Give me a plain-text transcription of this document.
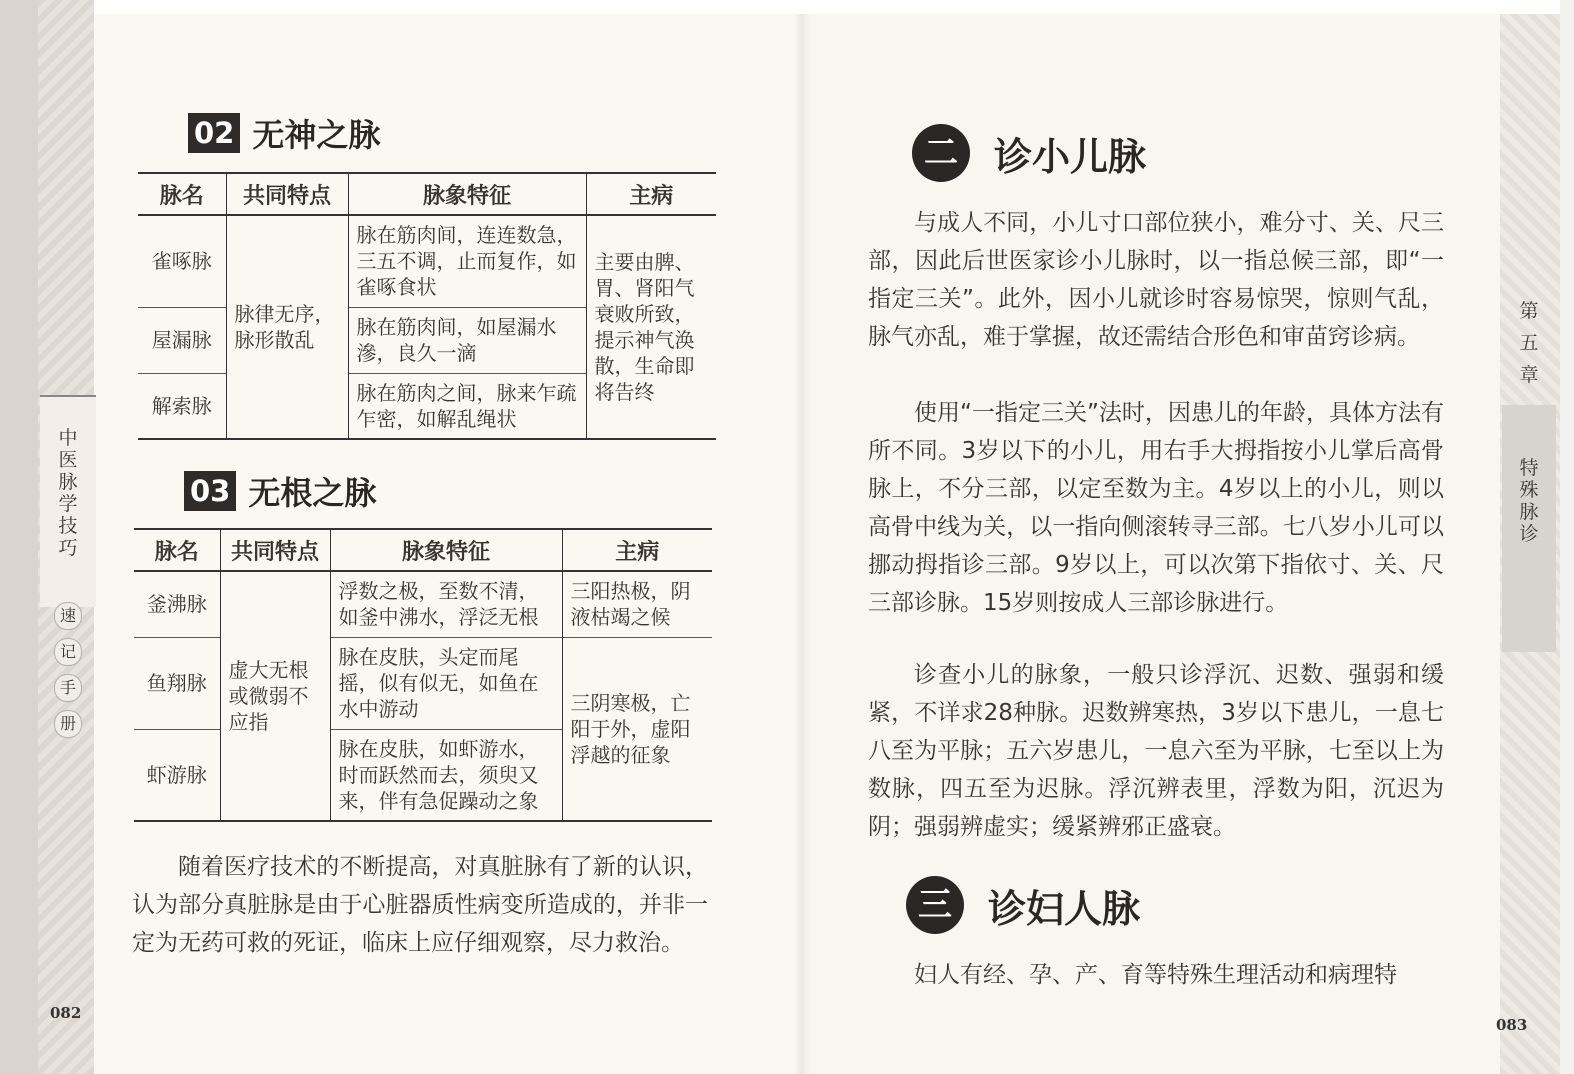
中
医
脉
学
技
巧
速
记
手
册
082
02 无神之脉
脉名	共同特点	脉象特征	主病
雀啄脉	脉律无序，脉形散乱	脉在筋肉间，连连数急，三五不调，止而复作，如雀啄食状	主要由脾、胃、肾阳气衰败所致，提示神气涣散，生命即将告终
屋漏脉		脉在筋肉间，如屋漏水滲，良久一滴	
解索脉		脉在筋肉之间，脉来乍疏乍密，如解乱绳状	
03 无根之脉
脉名	共同特点	脉象特征	主病
釜沸脉	虚大无根或微弱不应指	浮数之极，至数不清，如釜中沸水，浮泛无根	三阳热极，阴液枯竭之候
鱼翔脉		脉在皮肤，头定而尾摇，似有似无，如鱼在水中游动	三阴寒极，亡阳于外，虚阳浮越的征象
虾游脉		脉在皮肤，如虾游水，时而跃然而去，须臾又来，伴有急促躁动之象	
随着医疗技术的不断提高，对真脏脉有了新的认识，认为部分真脏脉是由于心脏器质性病变所造成的，并非一定为无药可救的死证，临床上应仔细观察，尽力救治。
二 诊小儿脉
与成人不同，小儿寸口部位狭小，难分寸、关、尺三部，因此后世医家诊小儿脉时，以一指总候三部，即“一指定三关”。此外，因小儿就诊时容易惊哭，惊则气乱，脉气亦乱，难于掌握，故还需结合形色和审苗窍诊病。
使用“一指定三关”法时，因患儿的年龄，具体方法有所不同。3岁以下的小儿，用右手大拇指按小儿掌后高骨脉上，不分三部，以定至数为主。4岁以上的小儿，则以高骨中线为关，以一指向侧滚转寻三部。七八岁小儿可以挪动拇指诊三部。9岁以上，可以次第下指依寸、关、尺三部诊脉。15岁则按成人三部诊脉进行。
诊查小儿的脉象，一般只诊浮沉、迟数、强弱和缓紧，不详求28种脉。迟数辨寒热，3岁以下患儿，一息七八至为平脉；五六岁患儿，一息六至为平脉，七至以上为数脉，四五至为迟脉。浮沉辨表里，浮数为阳，沉迟为阴；强弱辨虚实；缓紧辨邪正盛衰。
三 诊妇人脉
妇人有经、孕、产、育等特殊生理活动和病理特
第
五
章
特
殊
脉
诊
083
